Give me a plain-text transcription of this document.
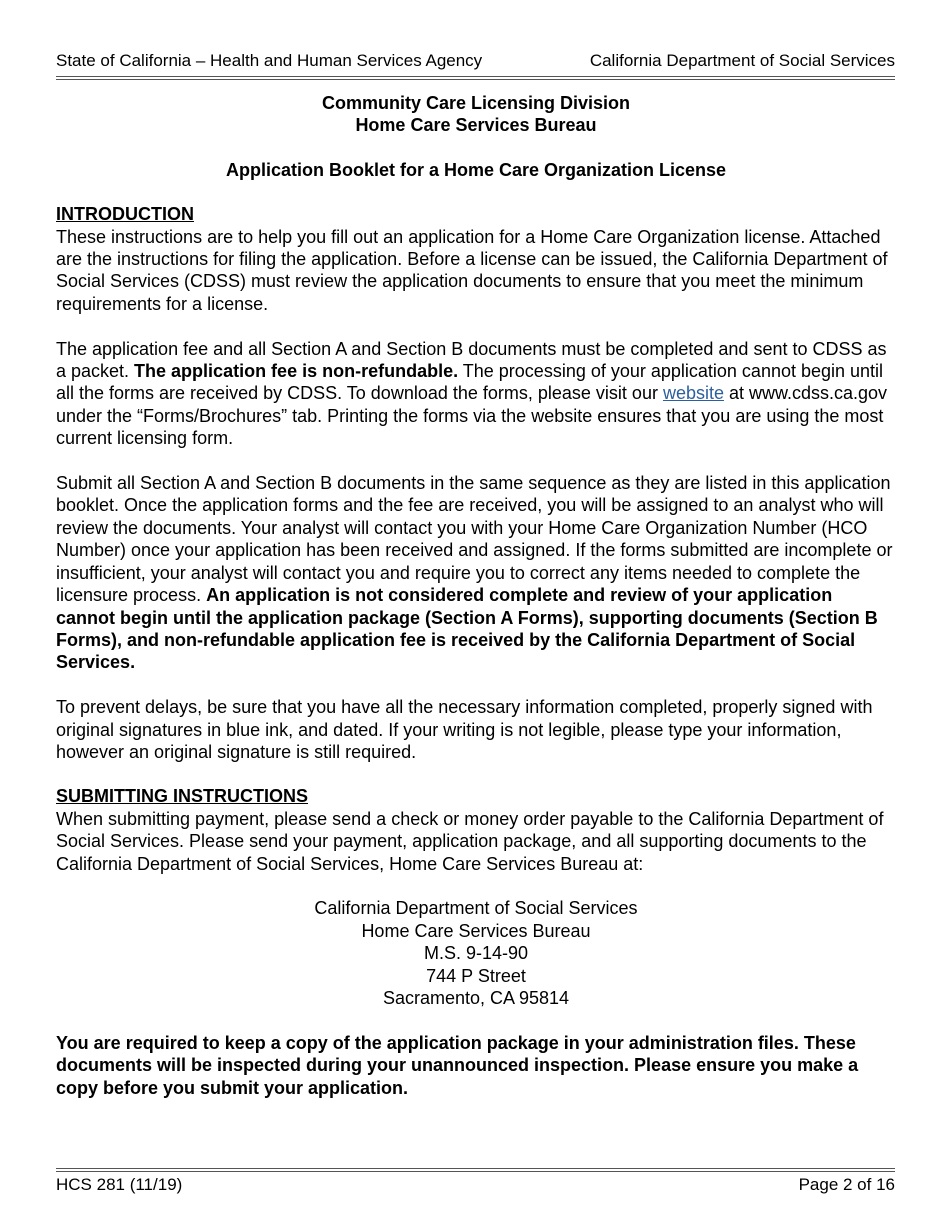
State of California – Health and Human Services Agency	California Department of Social Services
Community Care Licensing Division
Home Care Services Bureau
Application Booklet for a Home Care Organization License
INTRODUCTION

These instructions are to help you fill out an application for a Home Care Organization license. Attached are the instructions for filing the application. Before a license can be issued, the California Department of Social Services (CDSS) must review the application documents to ensure that you meet the minimum requirements for a license.

The application fee and all Section A and Section B documents must be completed and sent to CDSS as a packet. The application fee is non-refundable. The processing of your application cannot begin until all the forms are received by CDSS. To download the forms, please visit our website at www.cdss.ca.gov under the “Forms/Brochures” tab. Printing the forms via the website ensures that you are using the most current licensing form.

Submit all Section A and Section B documents in the same sequence as they are listed in this application booklet. Once the application forms and the fee are received, you will be assigned to an analyst who will review the documents. Your analyst will contact you with your Home Care Organization Number (HCO Number) once your application has been received and assigned. If the forms submitted are incomplete or insufficient, your analyst will contact you and require you to correct any items needed to complete the licensure process. An application is not considered complete and review of your application cannot begin until the application package (Section A Forms), supporting documents (Section B Forms), and non-refundable application fee is received by the California Department of Social Services.

To prevent delays, be sure that you have all the necessary information completed, properly signed with original signatures in blue ink, and dated. If your writing is not legible, please type your information, however an original signature is still required.

SUBMITTING INSTRUCTIONS

When submitting payment, please send a check or money order payable to the California Department of Social Services. Please send your payment, application package, and all supporting documents to the California Department of Social Services, Home Care Services Bureau at:

California Department of Social Services
Home Care Services Bureau
M.S. 9-14-90
744 P Street
Sacramento, CA 95814

You are required to keep a copy of the application package in your administration files. These documents will be inspected during your unannounced inspection. Please ensure you make a copy before you submit your application.

HCS 281 (11/19)	Page 2 of 16
